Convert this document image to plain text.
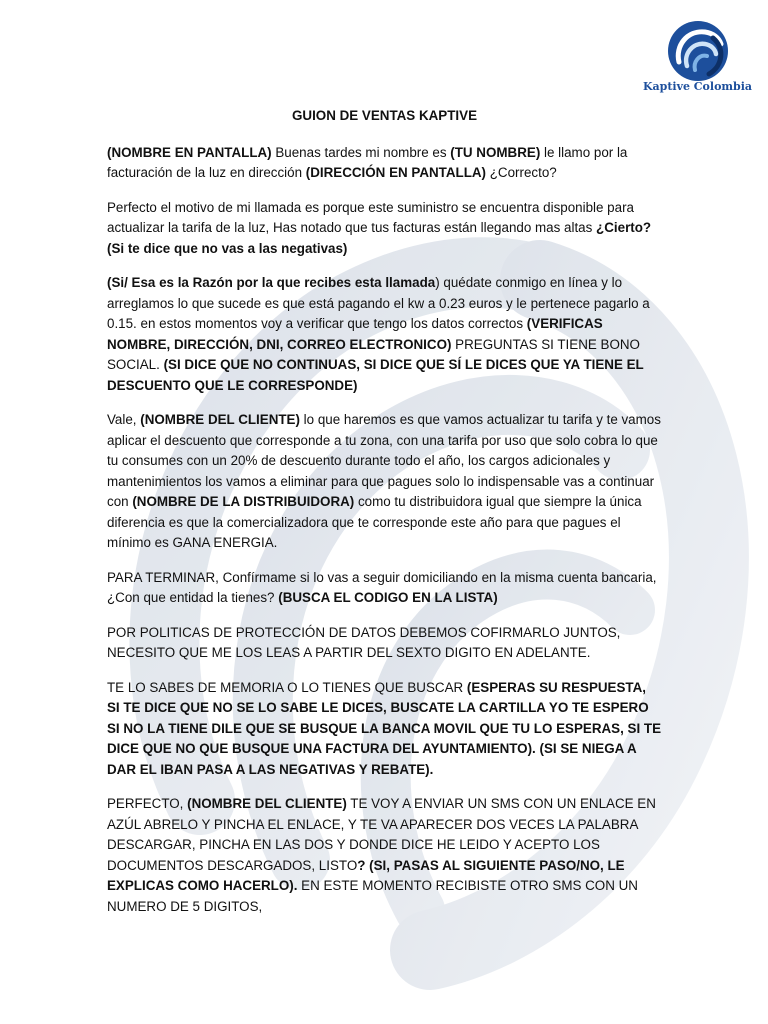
Kaptive Colombia

GUION DE VENTAS KAPTIVE

(NOMBRE EN PANTALLA) Buenas tardes mi nombre es (TU NOMBRE) le llamo por la facturación de la luz en dirección (DIRECCIÓN EN PANTALLA) ¿Correcto?

Perfecto el motivo de mi llamada es porque este suministro se encuentra disponible para actualizar la tarifa de la luz, Has notado que tus facturas están llegando mas altas ¿Cierto? (Si te dice que no vas a las negativas)

(Si/ Esa es la Razón por la que recibes esta llamada) quédate conmigo en línea y lo arreglamos lo que sucede es que está pagando el kw a 0.23 euros y le pertenece pagarlo a 0.15. en estos momentos voy a verificar que tengo los datos correctos (VERIFICAS NOMBRE, DIRECCIÓN, DNI, CORREO ELECTRONICO) PREGUNTAS SI TIENE BONO SOCIAL. (SI DICE QUE NO CONTINUAS, SI DICE QUE SÍ LE DICES QUE YA TIENE EL DESCUENTO QUE LE CORRESPONDE)

Vale, (NOMBRE DEL CLIENTE) lo que haremos es que vamos actualizar tu tarifa y te vamos aplicar el descuento que corresponde a tu zona, con una tarifa por uso que solo cobra lo que tu consumes con un 20% de descuento durante todo el año, los cargos adicionales y mantenimientos los vamos a eliminar para que pagues solo lo indispensable vas a continuar con (NOMBRE DE LA DISTRIBUIDORA) como tu distribuidora igual que siempre la única diferencia es que la comercializadora que te corresponde este año para que pagues el mínimo es GANA ENERGIA.

PARA TERMINAR, Confírmame si lo vas a seguir domiciliando en la misma cuenta bancaria, ¿Con que entidad la tienes? (BUSCA EL CODIGO EN LA LISTA)

POR POLITICAS DE PROTECCIÓN DE DATOS DEBEMOS COFIRMARLO JUNTOS, NECESITO QUE ME LOS LEAS A PARTIR DEL SEXTO DIGITO EN ADELANTE.

TE LO SABES DE MEMORIA O LO TIENES QUE BUSCAR (ESPERAS SU RESPUESTA, SI TE DICE QUE NO SE LO SABE LE DICES, BUSCATE LA CARTILLA YO TE ESPERO SI NO LA TIENE DILE QUE SE BUSQUE LA BANCA MOVIL QUE TU LO ESPERAS, SI TE DICE QUE NO QUE BUSQUE UNA FACTURA DEL AYUNTAMIENTO). (SI SE NIEGA A DAR EL IBAN PASA A LAS NEGATIVAS Y REBATE).

PERFECTO, (NOMBRE DEL CLIENTE) TE VOY A ENVIAR UN SMS CON UN ENLACE EN AZÚL ABRELO Y PINCHA EL ENLACE, Y TE VA APARECER DOS VECES LA PALABRA DESCARGAR, PINCHA EN LAS DOS Y DONDE DICE HE LEIDO Y ACEPTO LOS DOCUMENTOS DESCARGADOS, LISTO? (SI, PASAS AL SIGUIENTE PASO/NO, LE EXPLICAS COMO HACERLO). EN ESTE MOMENTO RECIBISTE OTRO SMS CON UN NUMERO DE 5 DIGITOS,
